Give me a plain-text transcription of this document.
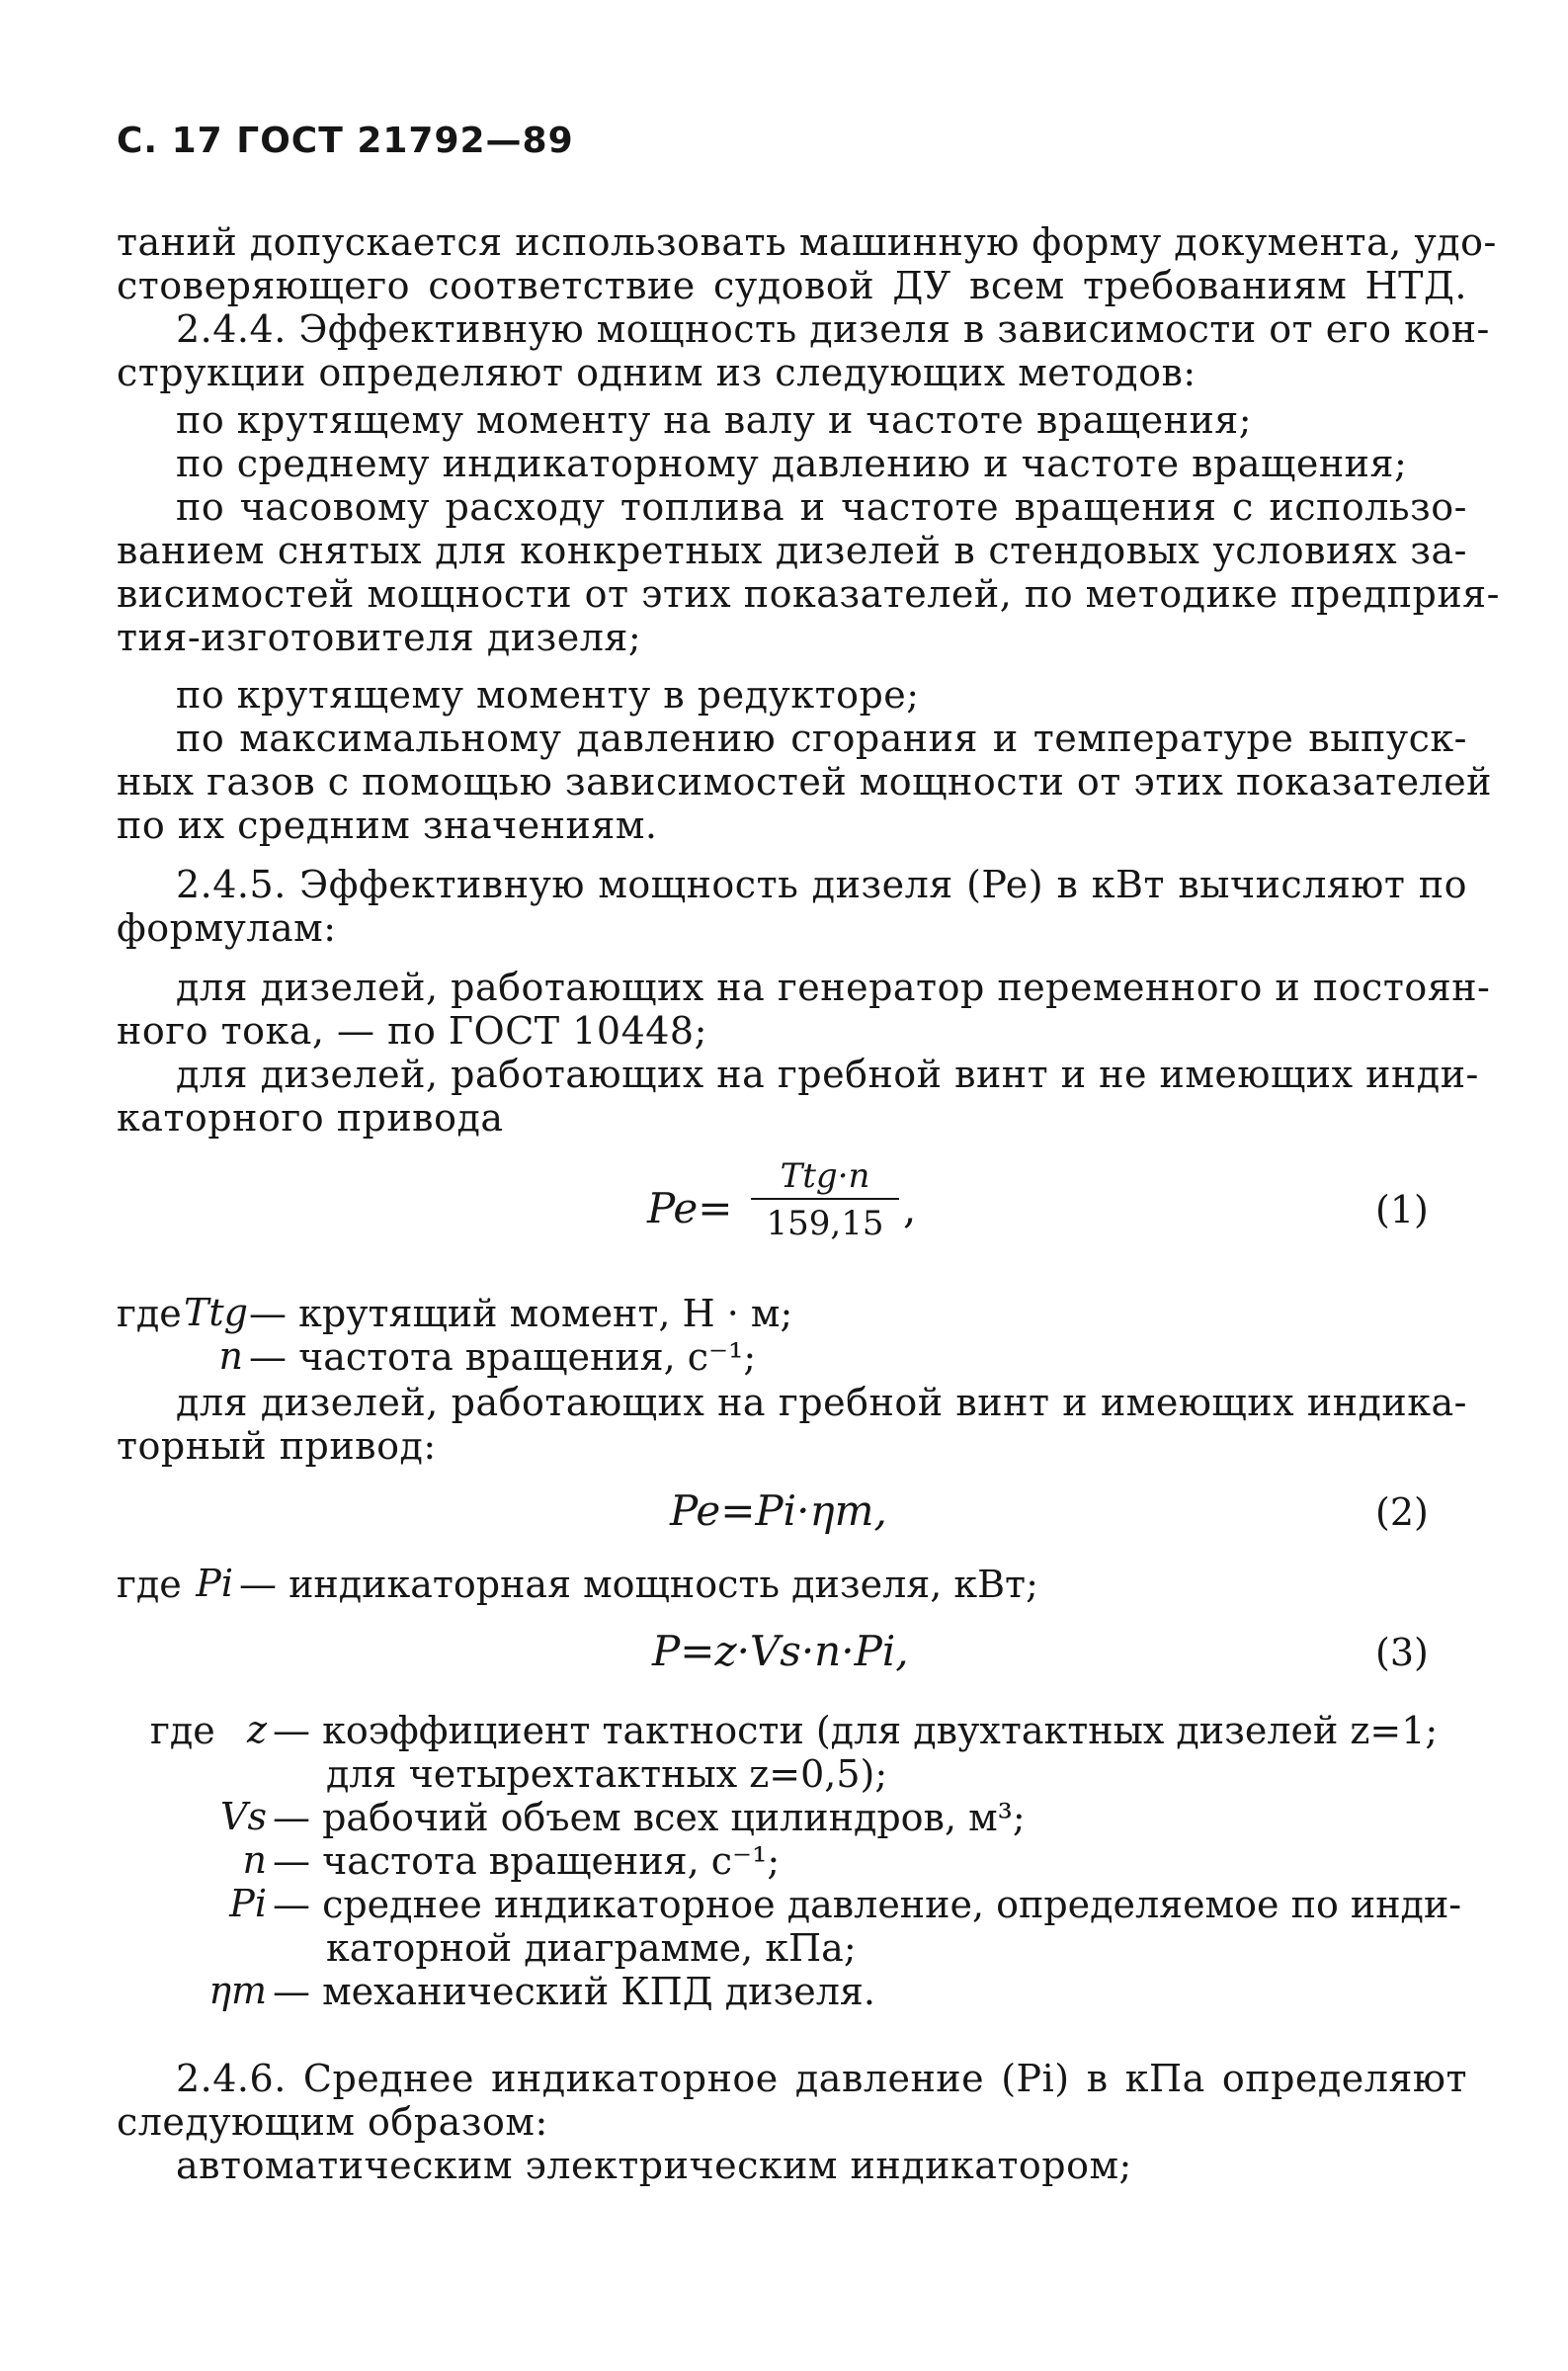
С. 17 ГОСТ 21792—89
таний допускается использовать машинную форму документа, удо-
стоверяющего соответствие судовой ДУ всем требованиям НТД.
2.4.4. Эффективную мощность дизеля в зависимости от его кон-
струкции определяют одним из следующих методов:
по крутящему моменту на валу и частоте вращения;
по среднему индикаторному давлению и частоте вращения;
по часовому расходу топлива и частоте вращения с использо-
ванием снятых для конкретных дизелей в стендовых условиях за-
висимостей мощности от этих показателей, по методике предприя-
тия-изготовителя дизеля;
по крутящему моменту в редукторе;
по максимальному давлению сгорания и температуре выпуск-
ных газов с помощью зависимостей мощности от этих показателей
по их средним значениям.
2.4.5. Эффективную мощность дизеля (Pe) в кВт вычисляют по
формулам:
для дизелей, работающих на генератор переменного и постоян-
ного тока, — по ГОСТ 10448;
для дизелей, работающих на гребной винт и не имеющих инди-
каторного привода
Pe=
Ttg·n
159,15 ,	(1)
где Ttg — крутящий момент, Н · м;
n — частота вращения, с⁻¹;
для дизелей, работающих на гребной винт и имеющих индика-
торный привод:
Pe=Pi·ηm,	(2)
где Pi — индикаторная мощность дизеля, кВт;
P=z·Vs·n·Pi,	(3)
где z — коэффициент тактности (для двухтактных дизелей z=1;
для четырехтактных z=0,5);
Vs — рабочий объем всех цилиндров, м³;
n — частота вращения, с⁻¹;
Pi — среднее индикаторное давление, определяемое по инди-
каторной диаграмме, кПа;
ηm — механический КПД дизеля.
2.4.6. Среднее индикаторное давление (Pi) в кПа определяют
следующим образом:
автоматическим электрическим индикатором;
